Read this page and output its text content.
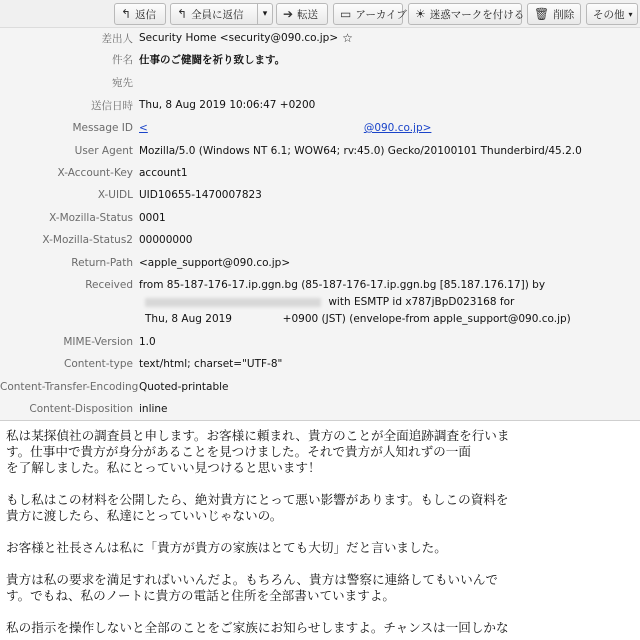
↰ 返信 ↰ 全員に返信 ▾ ➔ 転送 ▭ アーカイブ ☀ 迷惑マークを付ける 🗑 削除 その他 ▾
差出人 Security Home <security@090.co.jp> ☆
件名 仕事のご健闘を祈り致します。
宛先
送信日時 Thu, 8 Aug 2019 10:06:47 +0200
Message ID <	@090.co.jp>
User Agent Mozilla/5.0 (Windows NT 6.1; WOW64; rv:45.0) Gecko/20100101 Thunderbird/45.2.0
X-Account-Key account1
X-UIDL UID10655-1470007823
X-Mozilla-Status 0001
X-Mozilla-Status2 00000000
Return-Path <apple_support@090.co.jp>
Received from 85-187-176-17.ip.ggn.bg (85-187-176-17.ip.ggn.bg [85.187.176.17]) by
with ESMTP id x787jBpD023168 for
Thu, 8 Aug 2019	+0900 (JST) (envelope-from apple_support@090.co.jp)
MIME-Version 1.0
Content-type text/html; charset="UTF-8"
Content-Transfer-Encoding Quoted-printable
Content-Disposition inline

私は某探偵社の調査員と申します。お客様に頼まれ、貴方のことが全面追跡調査を行いま
す。仕事中で貴方が身分があることを見つけました。それで貴方が人知れずの一面
を了解しました。私にとっていい見つけると思います！

もし私はこの材料を公開したら、絶対貴方にとって悪い影響があります。もしこの資料を
貴方に渡したら、私達にとっていいじゃないの。

お客様と社長さんは私に「貴方が貴方の家族はとても大切」だと言いました。

貴方は私の要求を満足すればいいんだよ。もちろん、貴方は警察に連絡してもいいんで
す。でもね、私のノートに貴方の電話と住所を全部書いていますよ。

私の指示を操作しないと全部のことをご家族にお知らせしますよ。チャンスは一回しかな
